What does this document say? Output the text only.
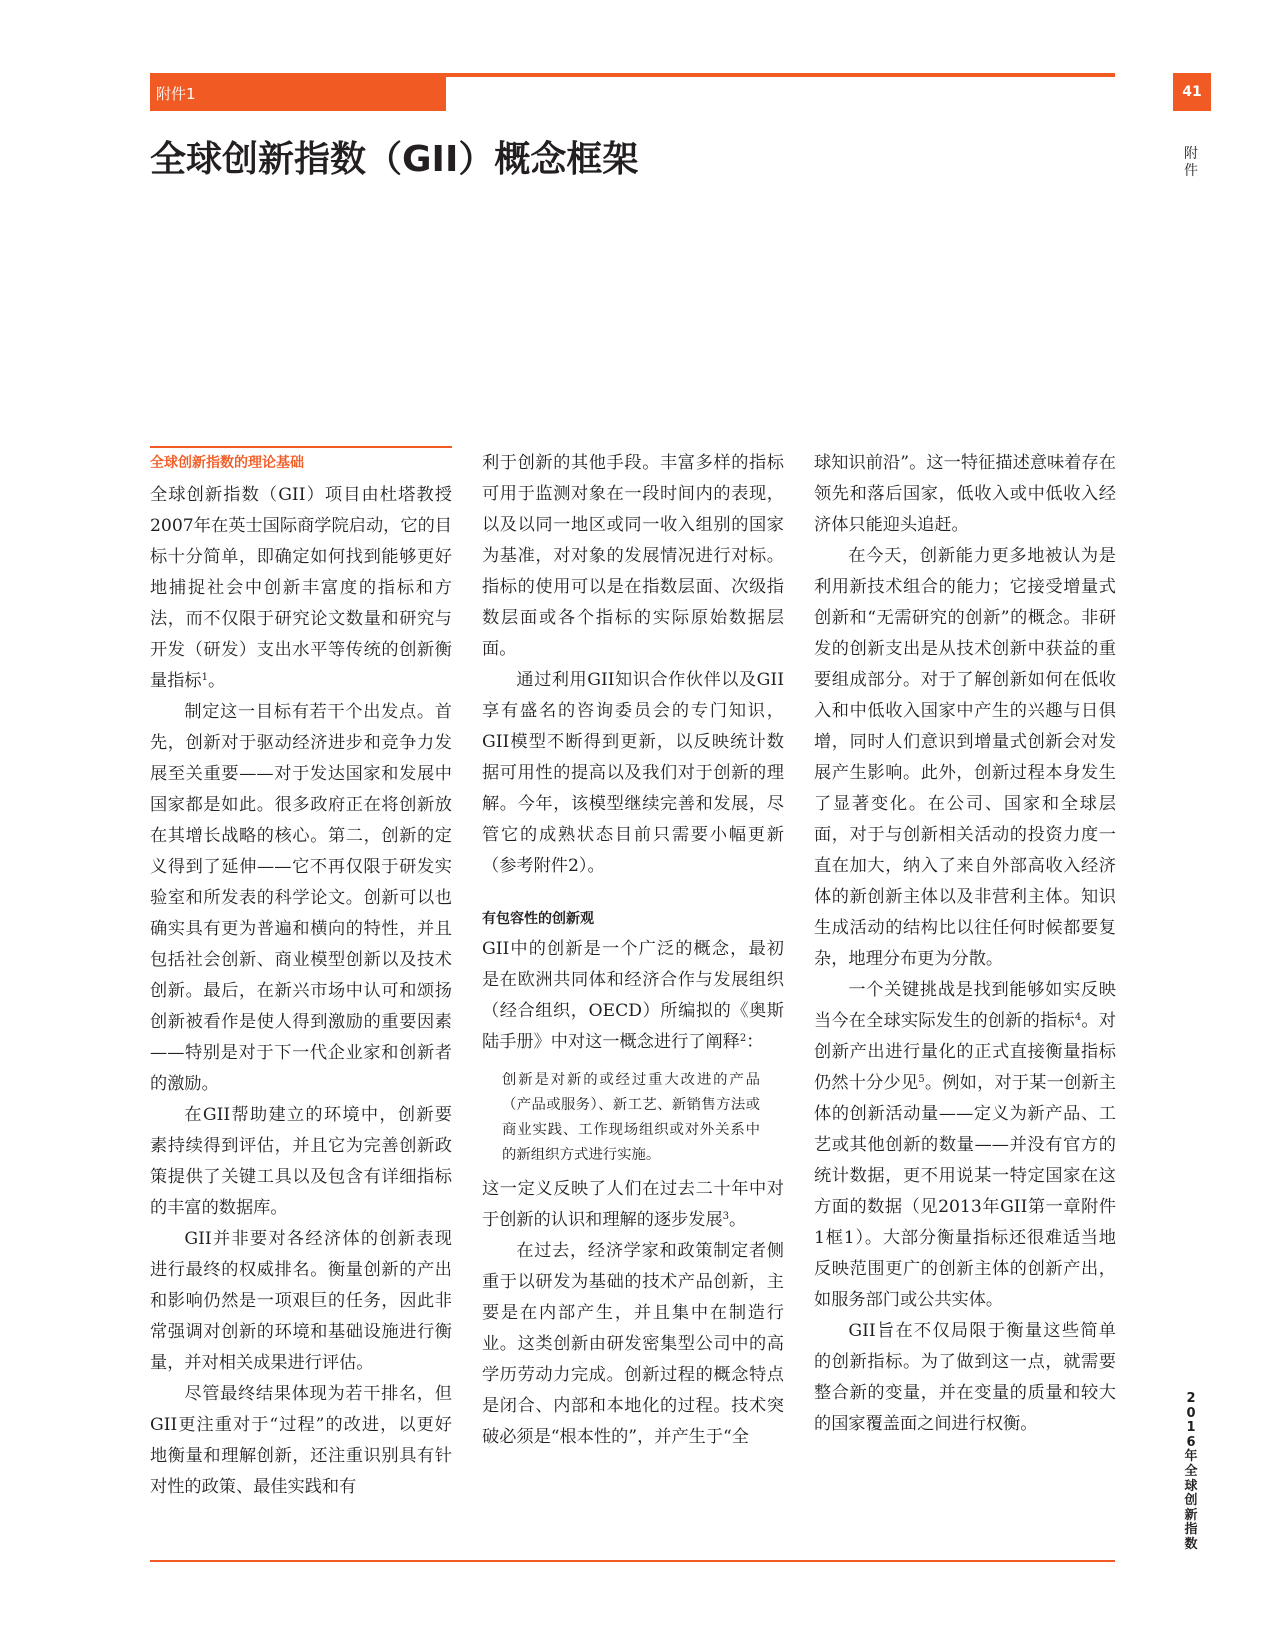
附件1	41
附件
2016年全球创新指数
全球创新指数（GII）概念框架
全球创新指数的理论基础

全球创新指数（GII）项目由杜塔教授2007年在英士国际商学院启动，它的目标十分简单，即确定如何找到能够更好地捕捉社会中创新丰富度的指标和方法，而不仅限于研究论文数量和研究与开发（研发）支出水平等传统的创新衡量指标$^1$。

制定这一目标有若干个出发点。首先，创新对于驱动经济进步和竞争力发展至关重要——对于发达国家和发展中国家都是如此。很多政府正在将创新放在其增长战略的核心。第二，创新的定义得到了延伸——它不再仅限于研发实验室和所发表的科学论文。创新可以也确实具有更为普遍和横向的特性，并且包括社会创新、商业模型创新以及技术创新。最后，在新兴市场中认可和颂扬创新被看作是使人得到激励的重要因素——特别是对于下一代企业家和创新者的激励。

在GII帮助建立的环境中，创新要素持续得到评估，并且它为完善创新政策提供了关键工具以及包含有详细指标的丰富的数据库。

GII并非要对各经济体的创新表现进行最终的权威排名。衡量创新的产出和影响仍然是一项艰巨的任务，因此非常强调对创新的环境和基础设施进行衡量，并对相关成果进行评估。

尽管最终结果体现为若干排名，但GII更注重对于“过程”的改进，以更好地衡量和理解创新，还注重识别具有针对性的政策、最佳实践和有

利于创新的其他手段。丰富多样的指标可用于监测对象在一段时间内的表现，以及以同一地区或同一收入组别的国家为基准，对对象的发展情况进行对标。指标的使用可以是在指数层面、次级指数层面或各个指标的实际原始数据层面。

通过利用GII知识合作伙伴以及GII享有盛名的咨询委员会的专门知识，GII模型不断得到更新，以反映统计数据可用性的提高以及我们对于创新的理解。今年，该模型继续完善和发展，尽管它的成熟状态目前只需要小幅更新（参考附件2）。

有包容性的创新观

GII中的创新是一个广泛的概念，最初是在欧洲共同体和经济合作与发展组织（经合组织，OECD）所编拟的《奥斯陆手册》中对这一概念进行了阐释$^2$：

创新是对新的或经过重大改进的产品（产品或服务）、新工艺、新销售方法或商业实践、工作现场组织或对外关系中的新组织方式进行实施。

这一定义反映了人们在过去二十年中对于创新的认识和理解的逐步发展$^3$。

在过去，经济学家和政策制定者侧重于以研发为基础的技术产品创新，主要是在内部产生，并且集中在制造行业。这类创新由研发密集型公司中的高学历劳动力完成。创新过程的概念特点是闭合、内部和本地化的过程。技术突破必须是“根本性的”，并产生于“全

球知识前沿”。这一特征描述意味着存在领先和落后国家，低收入或中低收入经济体只能迎头追赶。

在今天，创新能力更多地被认为是利用新技术组合的能力；它接受增量式创新和“无需研究的创新”的概念。非研发的创新支出是从技术创新中获益的重要组成部分。对于了解创新如何在低收入和中低收入国家中产生的兴趣与日俱增，同时人们意识到增量式创新会对发展产生影响。此外，创新过程本身发生了显著变化。在公司、国家和全球层面，对于与创新相关活动的投资力度一直在加大，纳入了来自外部高收入经济体的新创新主体以及非营利主体。知识生成活动的结构比以往任何时候都要复杂，地理分布更为分散。

一个关键挑战是找到能够如实反映当今在全球实际发生的创新的指标$^4$。对创新产出进行量化的正式直接衡量指标仍然十分少见$^5$。例如，对于某一创新主体的创新活动量——定义为新产品、工艺或其他创新的数量——并没有官方的统计数据，更不用说某一特定国家在这方面的数据（见2013年GII第一章附件1框1）。大部分衡量指标还很难适当地反映范围更广的创新主体的创新产出，如服务部门或公共实体。

GII旨在不仅局限于衡量这些简单的创新指标。为了做到这一点，就需要整合新的变量，并在变量的质量和较大的国家覆盖面之间进行权衡。
